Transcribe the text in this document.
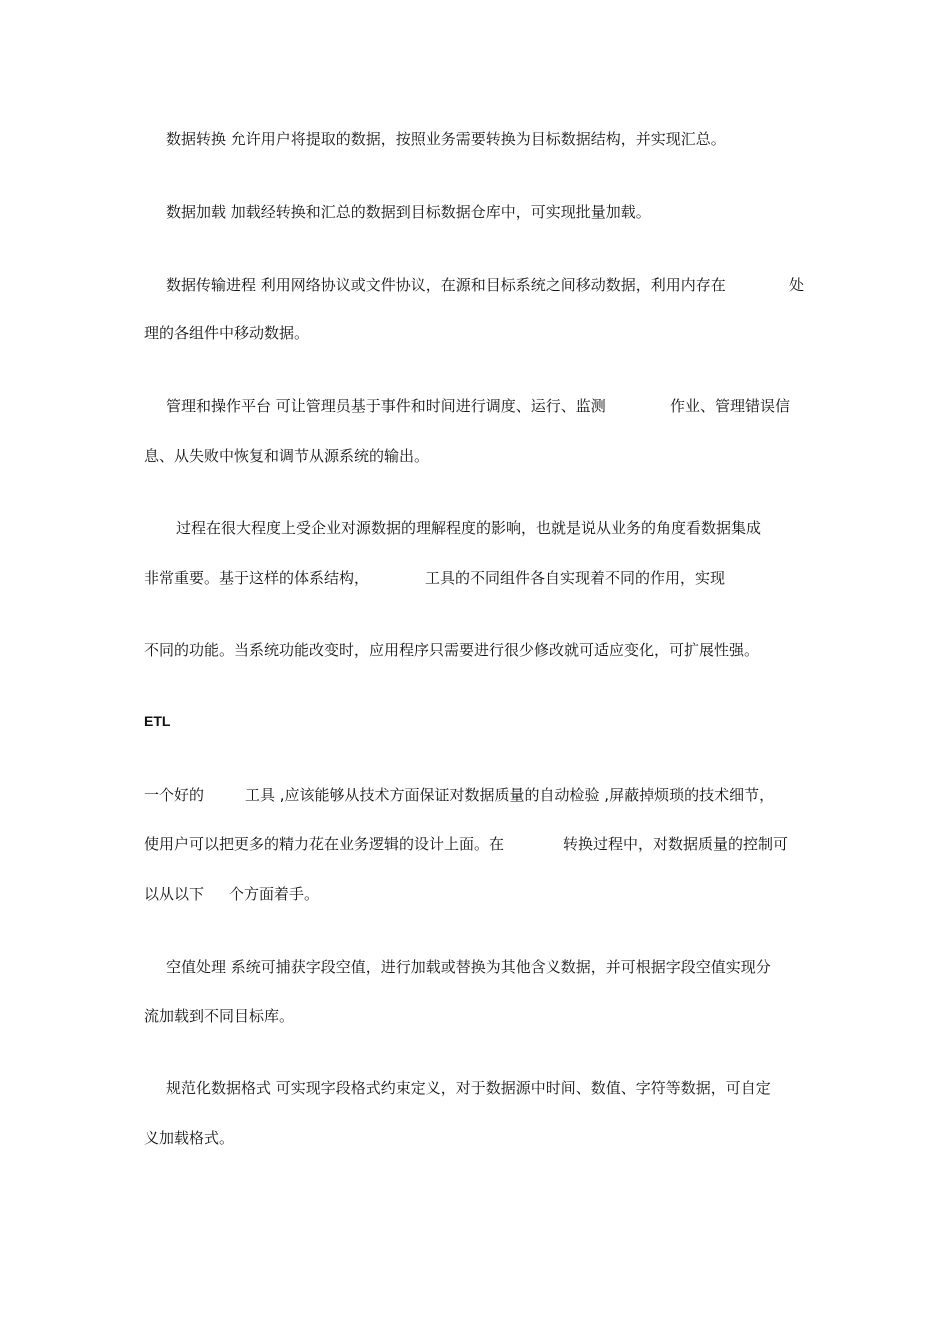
数据转换 允许用户将提取的数据，按照业务需要转换为目标数据结构，并实现汇总。
数据加载 加载经转换和汇总的数据到目标数据仓库中，可实现批量加载。
数据传输进程 利用网络协议或文件协议，在源和目标系统之间移动数据，利用内存在	处
理的各组件中移动数据。
管理和操作平台 可让管理员基于事件和时间进行调度、运行、监测	作业、管理错误信
息、从失败中恢复和调节从源系统的输出。
过程在很大程度上受企业对源数据的理解程度的影响，也就是说从业务的角度看数据集成
非常重要。基于这样的体系结构，	工具的不同组件各自实现着不同的作用，实现
不同的功能。当系统功能改变时，应用程序只需要进行很少修改就可适应变化，可扩展性强。
ETL
一个好的	工具 ,应该能够从技术方面保证对数据质量的自动检验 ,屏蔽掉烦琐的技术细节，
使用户可以把更多的精力花在业务逻辑的设计上面。在	转换过程中，对数据质量的控制可
以从以下 个方面着手。
空值处理 系统可捕获字段空值，进行加载或替换为其他含义数据，并可根据字段空值实现分
流加载到不同目标库。
规范化数据格式 可实现字段格式约束定义，对于数据源中时间、数值、字符等数据，可自定
义加载格式。
